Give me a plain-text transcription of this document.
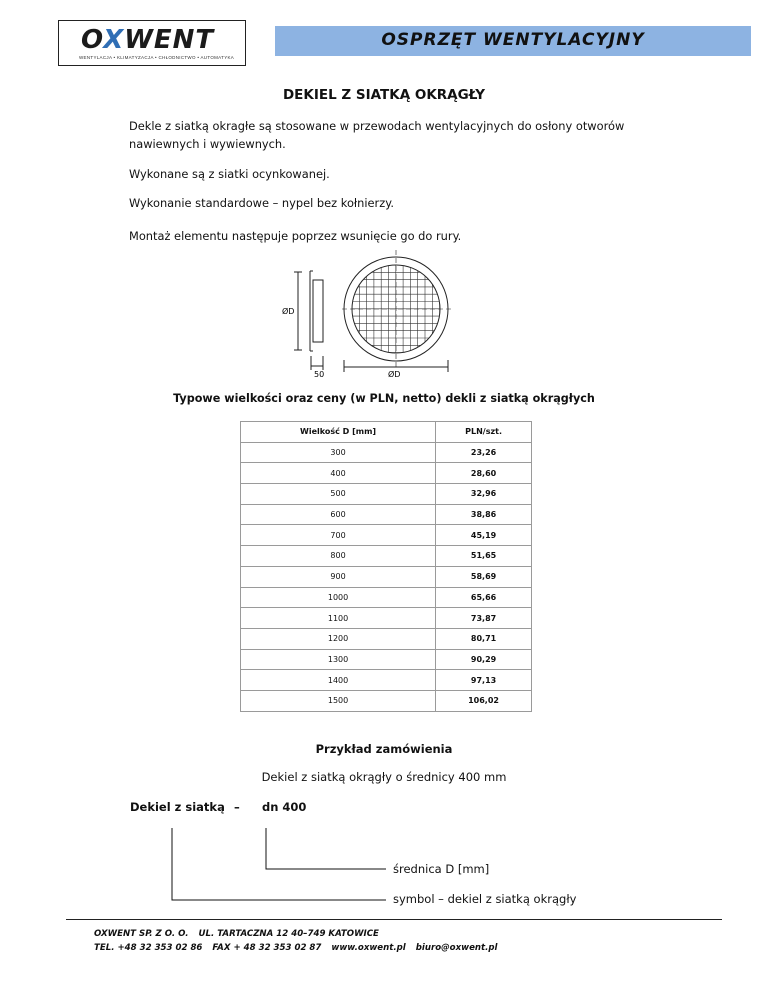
OXWENT
WENTYLACJA • KLIMATYZACJA • CHŁODNICTWO • AUTOMATYKA
OSPRZĘT WENTYLACYJNY
DEKIEL Z SIATKĄ OKRĄGŁY
Dekle z siatką okragłe są stosowane w przewodach wentylacyjnych do osłony otworów nawiewnych i wywiewnych.
Wykonane są z siatki ocynkowanej.
Wykonanie standardowe – nypel bez kołnierzy.
Montaż elementu następuje poprzez wsunięcie go do rury.
ØD
50	ØD
Typowe wielkości oraz ceny (w PLN, netto) dekli z siatką okrągłych
Wielkość D [mm]	PLN/szt.
300	23,26
400	28,60
500	32,96
600	38,86
700	45,19
800	51,65
900	58,69
1000	65,66
1100	73,87
1200	80,71
1300	90,29
1400	97,13
1500	106,02
Przykład zamówienia
Dekiel z siatką okrągły o średnicy 400 mm
Dekiel z siatką – dn 400
średnica D [mm]
symbol – dekiel z siatką okrągły
OXWENT SP. Z O. O. UL. TARTACZNA 12 40–749 KATOWICE
TEL. +48 32 353 02 86 FAX + 48 32 353 02 87 www.oxwent.pl biuro@oxwent.pl
